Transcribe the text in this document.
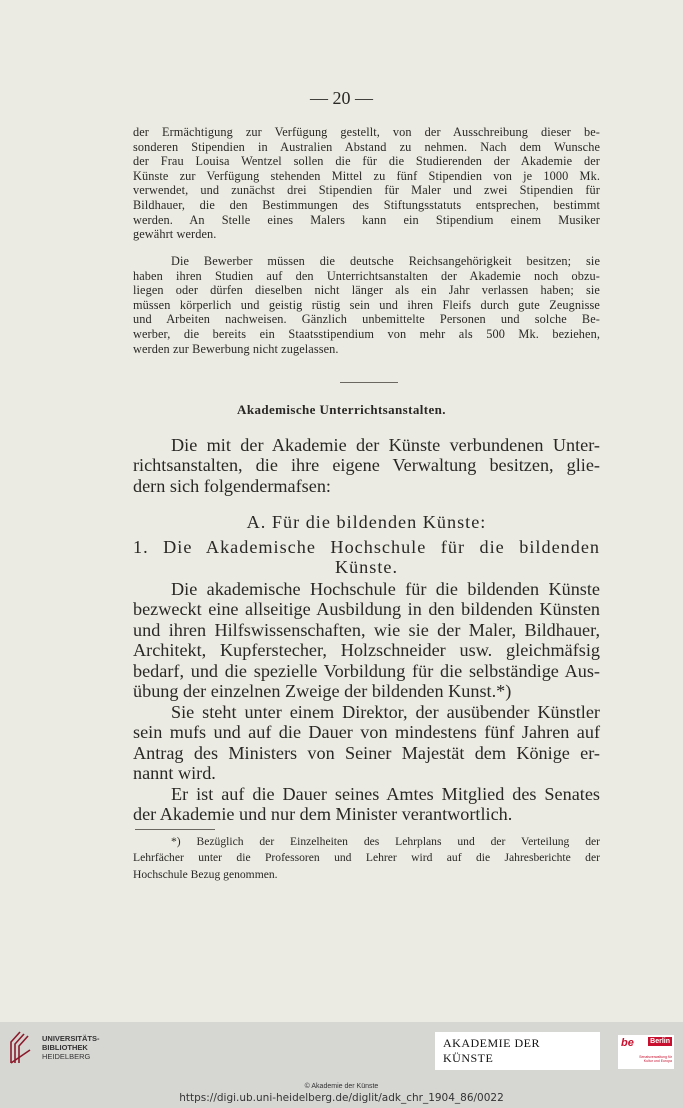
— 20 —
der Ermächtigung zur Verfügung gestellt, von der Ausschreibung dieser be-
sonderen Stipendien in Australien Abstand zu nehmen. Nach dem Wunsche
der Frau Louisa Wentzel sollen die für die Studierenden der Akademie der
Künste zur Verfügung stehenden Mittel zu fünf Stipendien von je 1000 Mk.
verwendet, und zunächst drei Stipendien für Maler und zwei Stipendien für
Bildhauer, die den Bestimmungen des Stiftungsstatuts entsprechen, bestimmt
werden. An Stelle eines Malers kann ein Stipendium einem Musiker
gewährt werden.
Die Bewerber müssen die deutsche Reichsangehörigkeit besitzen; sie
haben ihren Studien auf den Unterrichtsanstalten der Akademie noch obzu-
liegen oder dürfen dieselben nicht länger als ein Jahr verlassen haben; sie
müssen körperlich und geistig rüstig sein und ihren Fleifs durch gute Zeugnisse
und Arbeiten nachweisen. Gänzlich unbemittelte Personen und solche Be-
werber, die bereits ein Staatsstipendium von mehr als 500 Mk. beziehen,
werden zur Bewerbung nicht zugelassen.
Akademische Unterrichtsanstalten.
Die mit der Akademie der Künste verbundenen Unter-
richtsanstalten, die ihre eigene Verwaltung besitzen, glie-
dern sich folgendermafsen:
A. Für die bildenden Künste:
1. Die Akademische Hochschule für die bildenden
Künste.
Die akademische Hochschule für die bildenden Künste
bezweckt eine allseitige Ausbildung in den bildenden Künsten
und ihren Hilfswissenschaften, wie sie der Maler, Bildhauer,
Architekt, Kupferstecher, Holzschneider usw. gleichmäfsig
bedarf, und die spezielle Vorbildung für die selbständige Aus-
übung der einzelnen Zweige der bildenden Kunst.*)
Sie steht unter einem Direktor, der ausübender Künstler
sein mufs und auf die Dauer von mindestens fünf Jahren auf
Antrag des Ministers von Seiner Majestät dem Könige er-
nannt wird.
Er ist auf die Dauer seines Amtes Mitglied des Senates
der Akademie und nur dem Minister verantwortlich.
*) Bezüglich der Einzelheiten des Lehrplans und der Verteilung der
Lehrfächer unter die Professoren und Lehrer wird auf die Jahresberichte der
Hochschule Bezug genommen.
UNIVERSITÄTS-
BIBLIOTHEK
HEIDELBERG
AKADEMIE DER KÜNSTE
be Berlin
Senatsverwaltung für Kultur und Europa
© Akademie der Künste
https://digi.ub.uni-heidelberg.de/diglit/adk_chr_1904_86/0022
